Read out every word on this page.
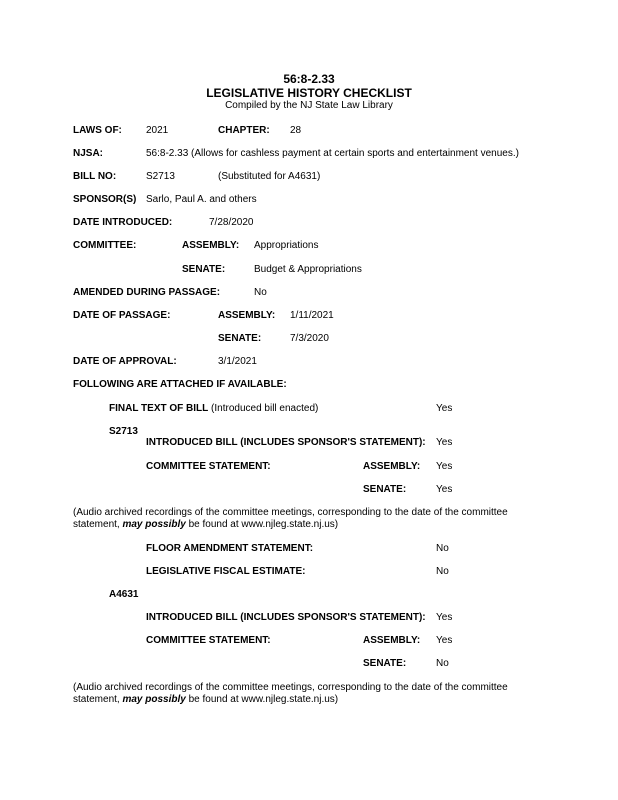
56:8-2.33
LEGISLATIVE HISTORY CHECKLIST
Compiled by the NJ State Law Library
LAWS OF: 2021	CHAPTER: 28
NJSA:	56:8-2.33 (Allows for cashless payment at certain sports and entertainment venues.)
BILL NO:	S2713	(Substituted for A4631)
SPONSOR(S) Sarlo, Paul A. and others
DATE INTRODUCED:	7/28/2020
COMMITTEE:	ASSEMBLY: Appropriations
SENATE:	Budget & Appropriations
AMENDED DURING PASSAGE:	No
DATE OF PASSAGE:	ASSEMBLY: 1/11/2021
SENATE:	7/3/2020
DATE OF APPROVAL:	3/1/2021
FOLLOWING ARE ATTACHED IF AVAILABLE:
FINAL TEXT OF BILL (Introduced bill enacted)	Yes
S2713
INTRODUCED BILL (INCLUDES SPONSOR'S STATEMENT): Yes
COMMITTEE STATEMENT:	ASSEMBLY: Yes
SENATE:	Yes
(Audio archived recordings of the committee meetings, corresponding to the date of the committee statement, may possibly be found at www.njleg.state.nj.us)
FLOOR AMENDMENT STATEMENT:	No
LEGISLATIVE FISCAL ESTIMATE:	No
A4631
INTRODUCED BILL (INCLUDES SPONSOR'S STATEMENT): Yes
COMMITTEE STATEMENT:	ASSEMBLY: Yes
SENATE:	No
(Audio archived recordings of the committee meetings, corresponding to the date of the committee statement, may possibly be found at www.njleg.state.nj.us)
